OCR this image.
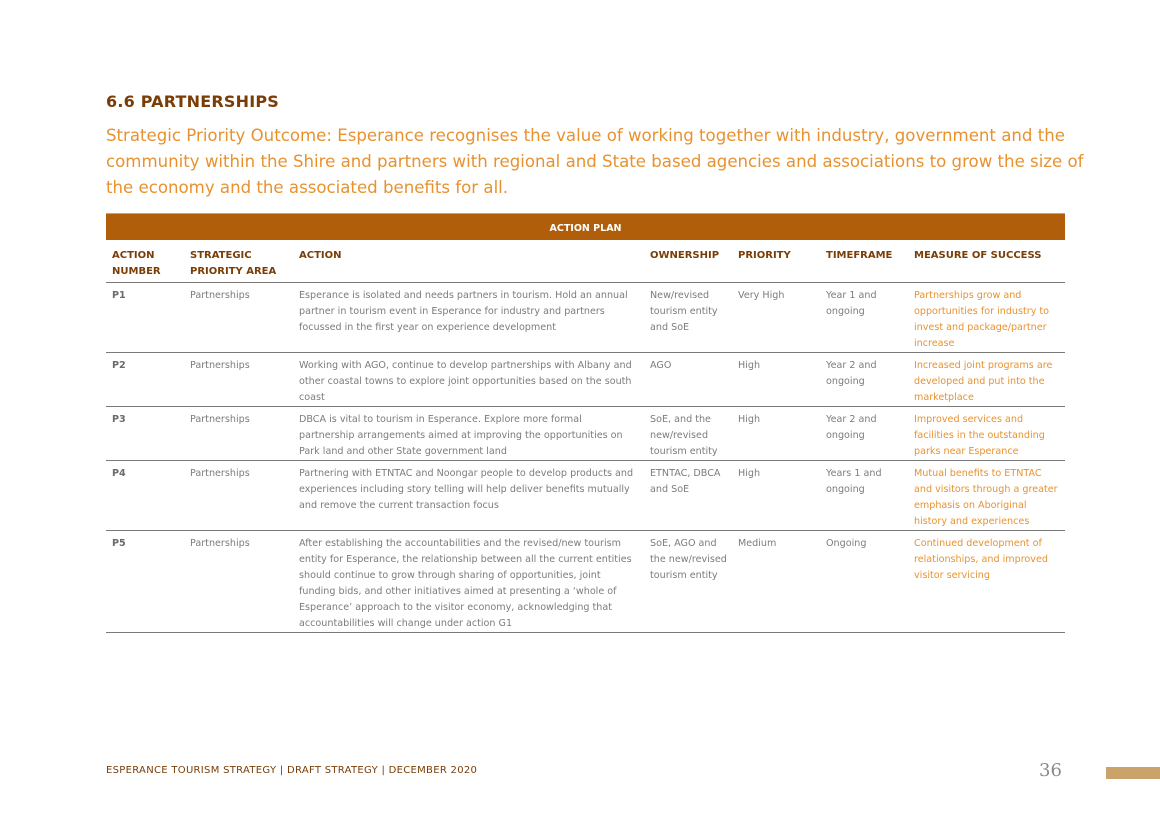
6.6 PARTNERSHIPS
Strategic Priority Outcome: Esperance recognises the value of working together with industry, government and the community within the Shire and partners with regional and State based agencies and associations to grow the size of the economy and the associated benefits for all.
ACTION PLAN
ACTION NUMBER	STRATEGIC PRIORITY AREA	ACTION	OWNERSHIP	PRIORITY	TIMEFRAME	MEASURE OF SUCCESS
P1	Partnerships	Esperance is isolated and needs partners in tourism. Hold an annual partner in tourism event in Esperance for industry and partners focussed in the first year on experience development	New/revised tourism entity and SoE	Very High	Year 1 and ongoing	Partnerships grow and opportunities for industry to invest and package/partner increase
P2	Partnerships	Working with AGO, continue to develop partnerships with Albany and other coastal towns to explore joint opportunities based on the south coast	AGO	High	Year 2 and ongoing	Increased joint programs are developed and put into the marketplace
P3	Partnerships	DBCA is vital to tourism in Esperance. Explore more formal partnership arrangements aimed at improving the opportunities on Park land and other State government land	SoE, and the new/revised tourism entity	High	Year 2 and ongoing	Improved services and facilities in the outstanding parks near Esperance
P4	Partnerships	Partnering with ETNTAC and Noongar people to develop products and experiences including story telling will help deliver benefits mutually and remove the current transaction focus	ETNTAC, DBCA and SoE	High	Years 1 and ongoing	Mutual benefits to ETNTAC and visitors through a greater emphasis on Aboriginal history and experiences
P5	Partnerships	After establishing the accountabilities and the revised/new tourism entity for Esperance, the relationship between all the current entities should continue to grow through sharing of opportunities, joint funding bids, and other initiatives aimed at presenting a ‘whole of Esperance’ approach to the visitor economy, acknowledging that accountabilities will change under action G1	SoE, AGO and the new/revised tourism entity	Medium	Ongoing	Continued development of relationships, and improved visitor servicing
ESPERANCE TOURISM STRATEGY | DRAFT STRATEGY | DECEMBER 2020	36
